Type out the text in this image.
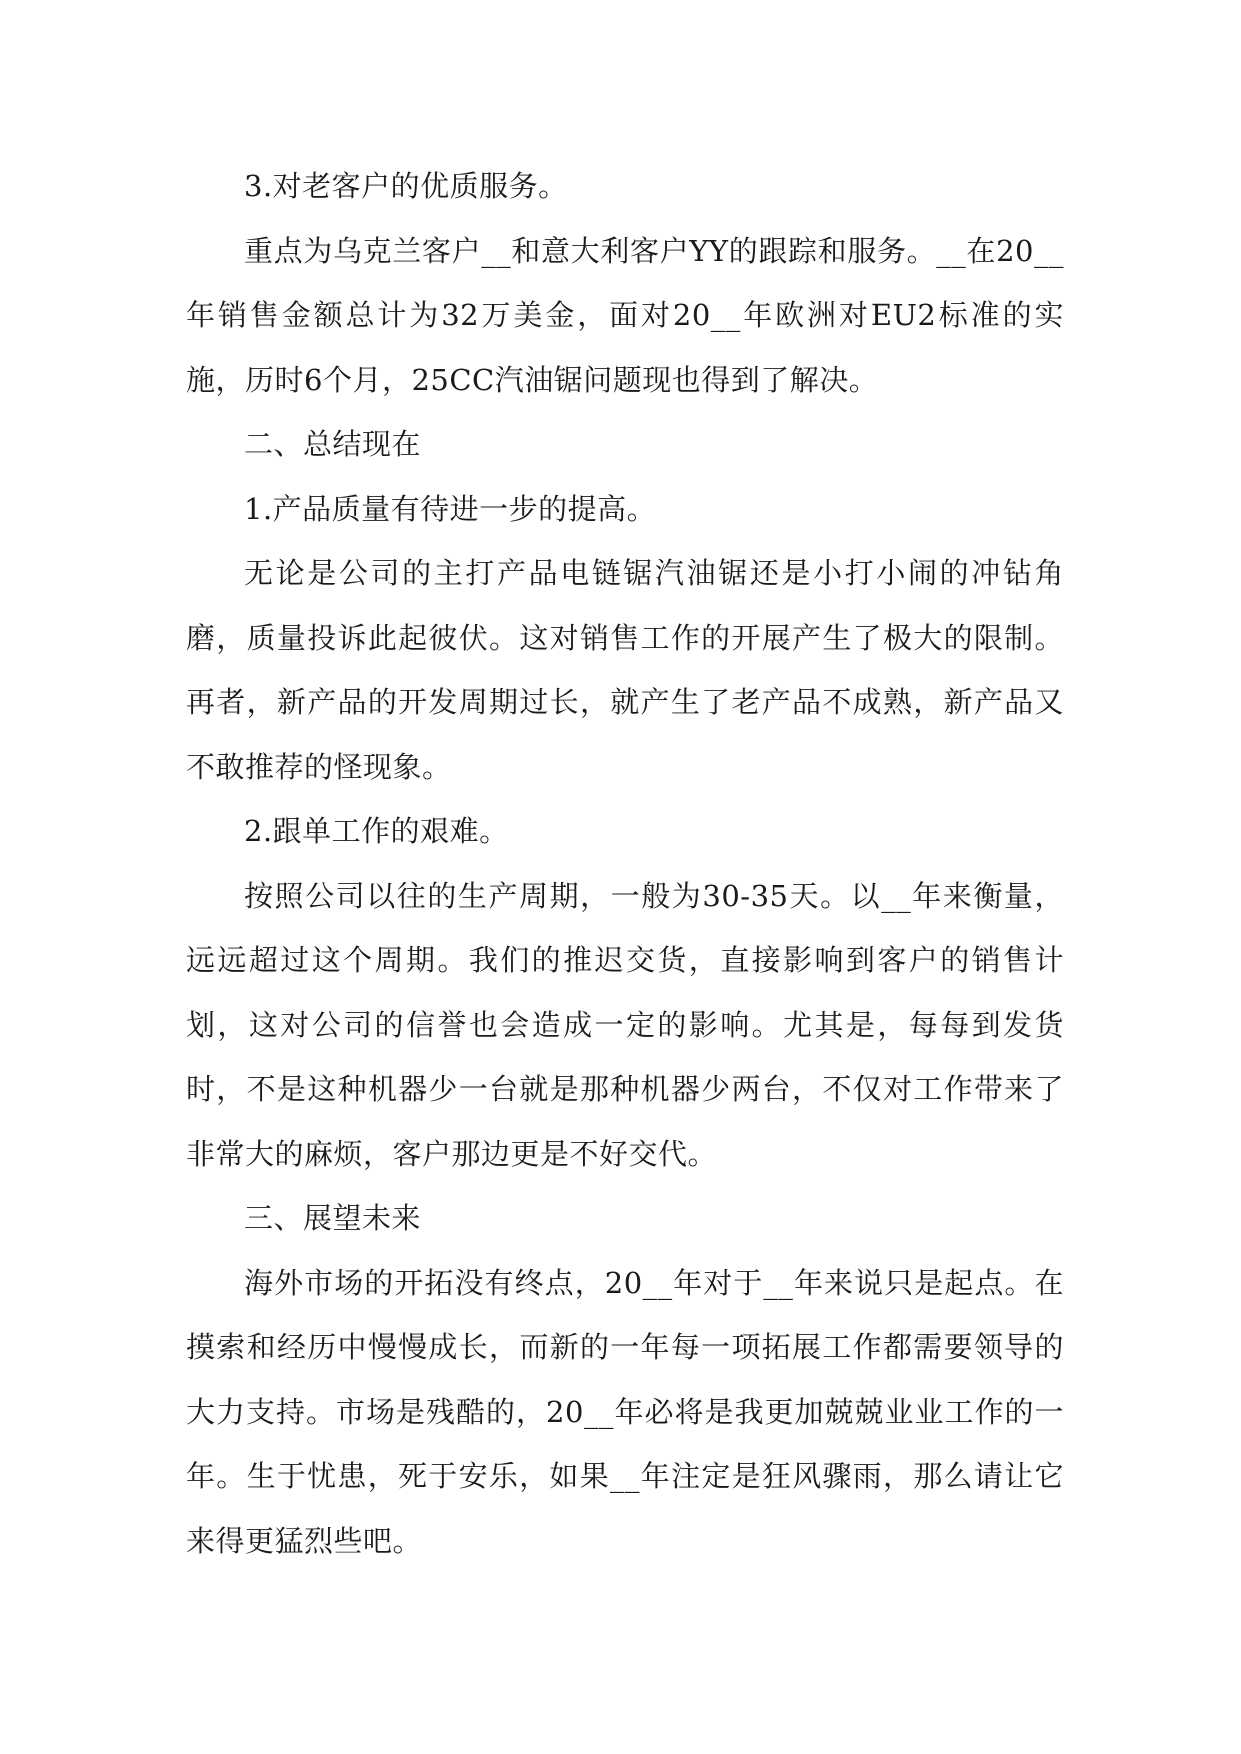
3.对老客户的优质服务。

重点为乌克兰客户__和意大利客户YY的跟踪和服务。__在20__年销售金额总计为32万美金，面对20__年欧洲对EU2标准的实施，历时6个月，25CC汽油锯问题现也得到了解决。

二、总结现在

1.产品质量有待进一步的提高。

无论是公司的主打产品电链锯汽油锯还是小打小闹的冲钻角磨，质量投诉此起彼伏。这对销售工作的开展产生了极大的限制。再者，新产品的开发周期过长，就产生了老产品不成熟，新产品又不敢推荐的怪现象。

2.跟单工作的艰难。

按照公司以往的生产周期，一般为30-35天。以__年来衡量，远远超过这个周期。我们的推迟交货，直接影响到客户的销售计划，这对公司的信誉也会造成一定的影响。尤其是，每每到发货时，不是这种机器少一台就是那种机器少两台，不仅对工作带来了非常大的麻烦，客户那边更是不好交代。

三、展望未来

海外市场的开拓没有终点，20__年对于__年来说只是起点。在摸索和经历中慢慢成长，而新的一年每一项拓展工作都需要领导的大力支持。市场是残酷的，20__年必将是我更加兢兢业业工作的一年。生于忧患，死于安乐，如果__年注定是狂风骤雨，那么请让它来得更猛烈些吧。
